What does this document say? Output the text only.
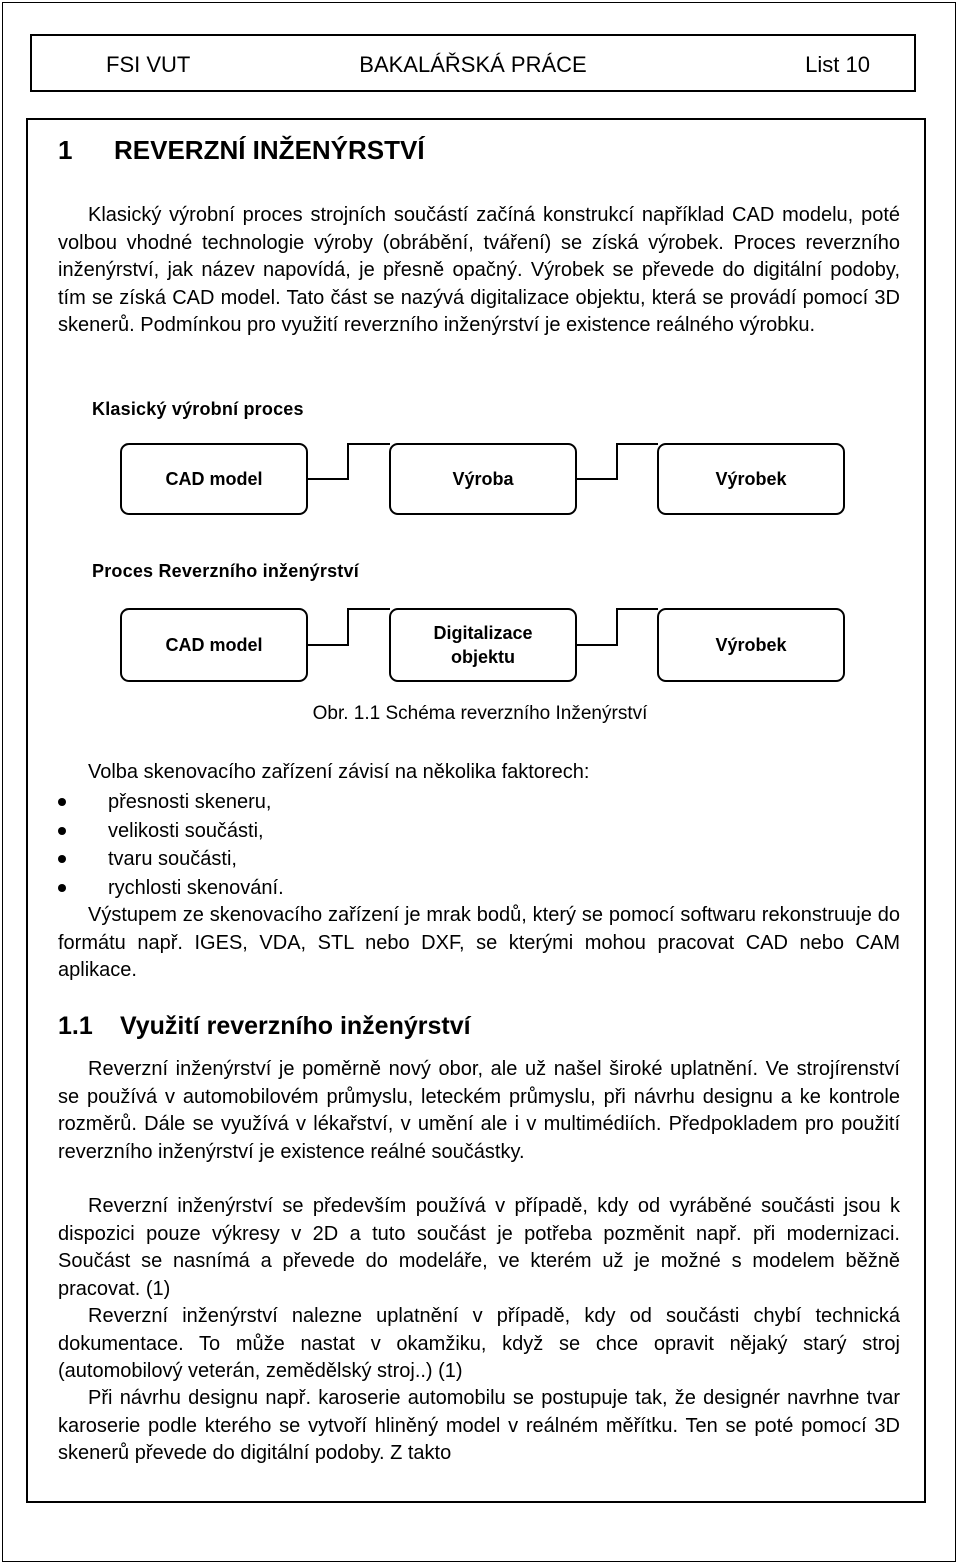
FSI VUT	BAKALÁŘSKÁ PRÁCE	List 10
1 REVERZNÍ INŽENÝRSTVÍ
Klasický výrobní proces strojních součástí začíná konstrukcí například CAD modelu, poté volbou vhodné technologie výroby (obrábění, tváření) se získá výrobek. Proces reverzního inženýrství, jak název napovídá, je přesně opačný. Výrobek se převede do digitální podoby, tím se získá CAD model. Tato část se nazývá digitalizace objektu, která se provádí pomocí 3D skenerů. Podmínkou pro využití reverzního inženýrství je existence reálného výrobku.
Klasický výrobní proces
CAD model	Výroba	Výrobek
Proces Reverzního inženýrství
CAD model
Digitalizace
objektu
Výrobek
Obr. 1.1 Schéma reverzního Inženýrství
Volba skenovacího zařízení závisí na několika faktorech:
přesnosti skeneru,
velikosti součásti,
tvaru součásti,
rychlosti skenování.
Výstupem ze skenovacího zařízení je mrak bodů, který se pomocí softwaru rekonstruuje do formátu např. IGES, VDA, STL nebo DXF, se kterými mohou pracovat CAD nebo CAM aplikace.
1.1 Využití reverzního inženýrství
Reverzní inženýrství je poměrně nový obor, ale už našel široké uplatnění. Ve strojírenství se používá v automobilovém průmyslu, leteckém průmyslu, při návrhu designu a ke kontrole rozměrů. Dále se využívá v lékařství, v umění ale i v multimédiích. Předpokladem pro použití reverzního inženýrství je existence reálné součástky.
Reverzní inženýrství se především používá v případě, kdy od vyráběné součásti jsou k dispozici pouze výkresy v 2D a tuto součást je potřeba pozměnit např. při modernizaci. Součást se nasnímá a převede do modeláře, ve kterém už je možné s modelem běžně pracovat. (1)
Reverzní inženýrství nalezne uplatnění v případě, kdy od součásti chybí technická dokumentace. To může nastat v okamžiku, když se chce opravit nějaký starý stroj (automobilový veterán, zemědělský stroj..) (1)
Při návrhu designu např. karoserie automobilu se postupuje tak, že designér navrhne tvar karoserie podle kterého se vytvoří hliněný model v reálném měřítku. Ten se poté pomocí 3D skenerů převede do digitální podoby. Z takto
